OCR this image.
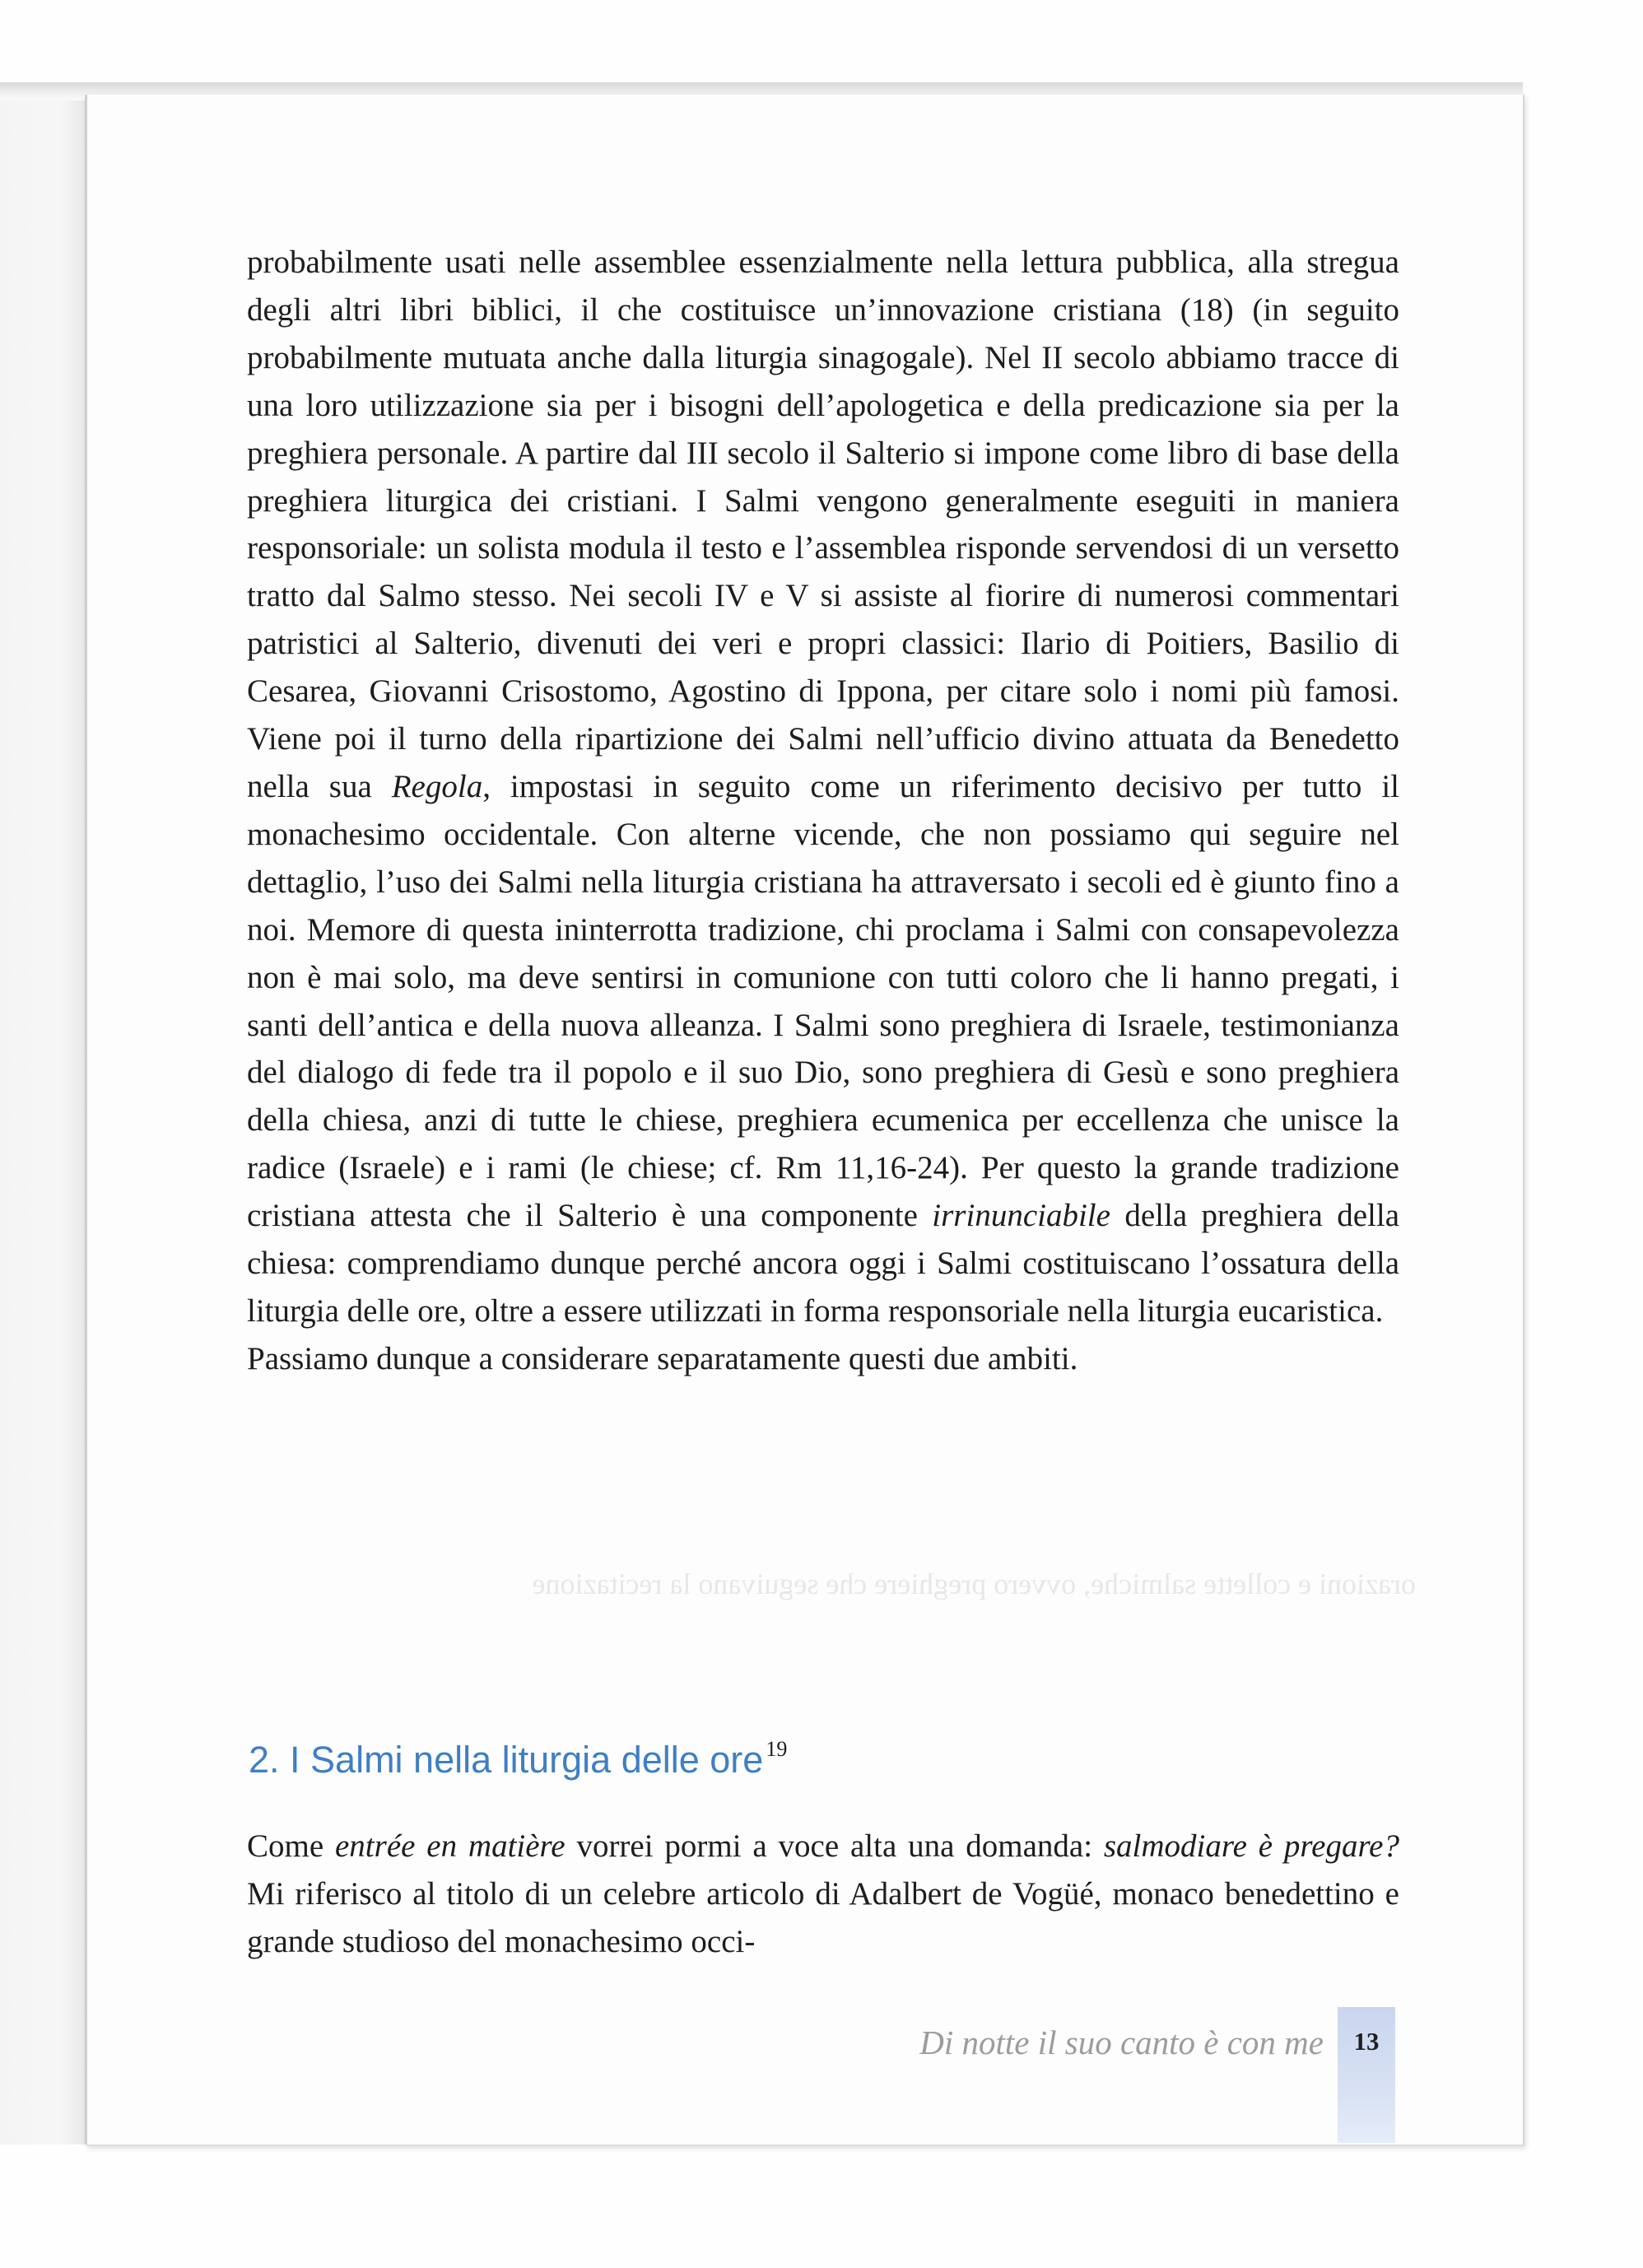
orazioni e collette salmiche, ovvero preghiere che seguivano la recitazione

probabilmente usati nelle assemblee essenzialmente nella lettura pubblica, alla stregua degli altri libri biblici, il che costituisce un’innovazione cristiana (18) (in seguito probabilmente mutuata anche dalla liturgia sinagogale). Nel II secolo abbiamo tracce di una loro utilizzazione sia per i bisogni dell’apologetica e della predicazione sia per la preghiera personale. A partire dal III secolo il Salterio si impone come libro di base della preghiera liturgica dei cristiani. I Salmi vengono generalmente eseguiti in maniera responsoriale: un solista modula il testo e l’assemblea risponde servendosi di un versetto tratto dal Salmo stesso. Nei secoli IV e V si assiste al fiorire di numerosi commentari patristici al Salterio, divenuti dei veri e propri classici: Ilario di Poitiers, Basilio di Cesarea, Giovanni Crisostomo, Agostino di Ippona, per citare solo i nomi più famosi. Viene poi il turno della ripartizione dei Salmi nell’ufficio divino attuata da Benedetto nella sua Regola, impostasi in seguito come un riferimento decisivo per tutto il monachesimo occidentale. Con alterne vicende, che non possiamo qui seguire nel dettaglio, l’uso dei Salmi nella liturgia cristiana ha attraversato i secoli ed è giunto fino a noi. Memore di questa ininterrotta tradizione, chi proclama i Salmi con consapevolezza non è mai solo, ma deve sentirsi in comunione con tutti coloro che li hanno pregati, i santi dell’antica e della nuova alleanza. I Salmi sono preghiera di Israele, testimonianza del dialogo di fede tra il popolo e il suo Dio, sono preghiera di Gesù e sono preghiera della chiesa, anzi di tutte le chiese, preghiera ecumenica per eccellenza che unisce la radice (Israele) e i rami (le chiese; cf. Rm 11,16-24). Per questo la grande tradizione cristiana attesta che il Salterio è una componente irrinunciabile della preghiera della chiesa: comprendiamo dunque perché ancora oggi i Salmi costituiscano l’ossatura della liturgia delle ore, oltre a essere utilizzati in forma responsoriale nella liturgia eucaristica.

Passiamo dunque a considerare separatamente questi due ambiti.

2. I Salmi nella liturgia delle ore $^{19}$

Come entrée en matière vorrei pormi a voce alta una domanda: salmodiare è pregare? Mi riferisco al titolo di un celebre articolo di Adalbert de Vogüé, monaco benedettino e grande studioso del monachesimo occi-

Di notte il suo canto è con me	13
